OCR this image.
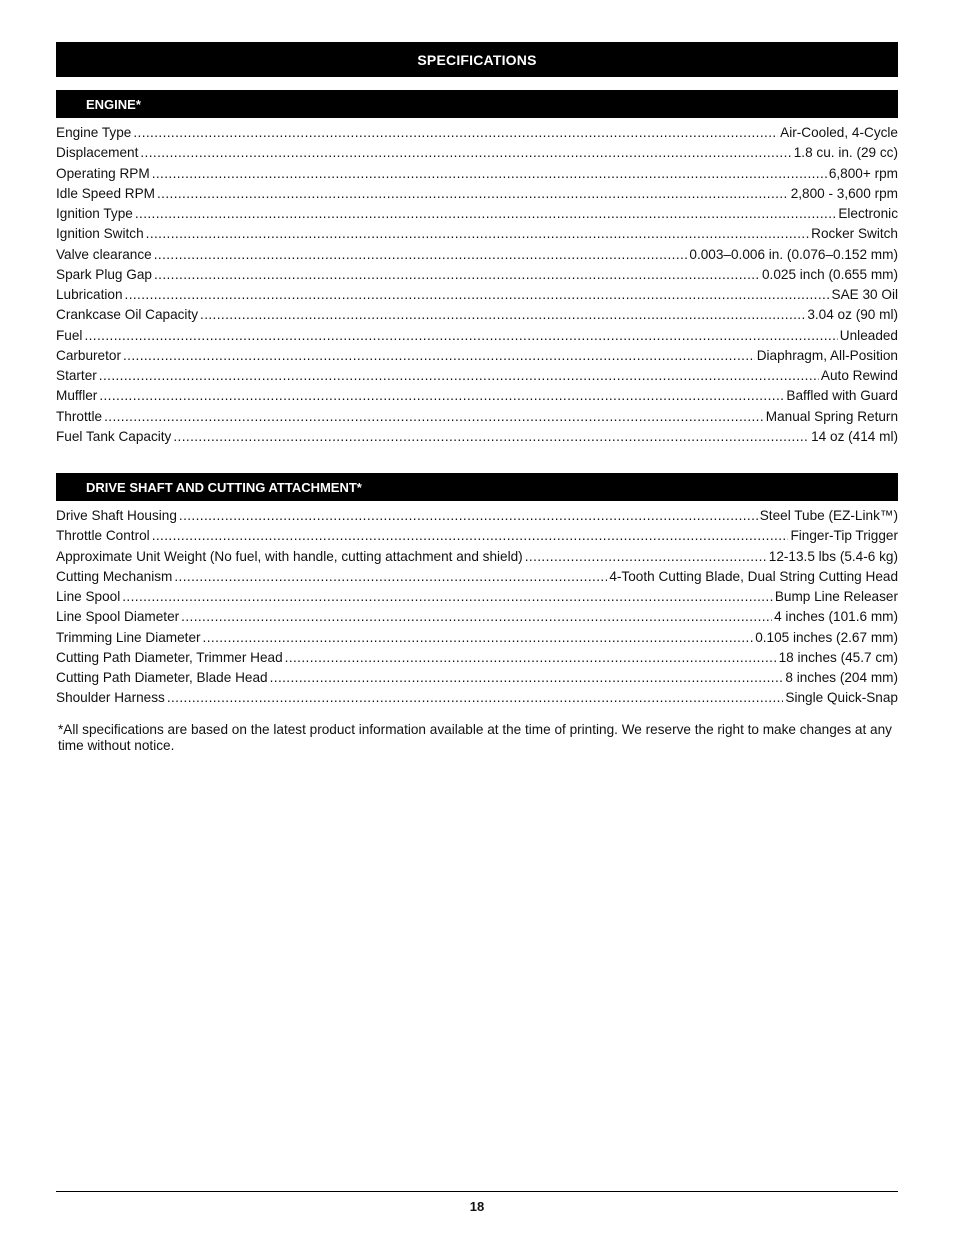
SPECIFICATIONS
ENGINE*
Engine Type .....	Air-Cooled, 4-Cycle
Displacement .....	1.8 cu. in. (29 cc)
Operating RPM .....	6,800+ rpm
Idle Speed RPM .....	2,800 - 3,600 rpm
Ignition Type .....	Electronic
Ignition Switch .....	Rocker Switch
Valve clearance .....	0.003–0.006 in. (0.076–0.152 mm)
Spark Plug Gap .....	0.025 inch (0.655 mm)
Lubrication .....	SAE 30 Oil
Crankcase Oil Capacity .....	3.04 oz (90 ml)
Fuel .....	Unleaded
Carburetor .....	Diaphragm, All-Position
Starter .....	Auto Rewind
Muffler .....	Baffled with Guard
Throttle .....	Manual Spring Return
Fuel Tank Capacity .....	14 oz (414 ml)
DRIVE SHAFT AND CUTTING ATTACHMENT*
Drive Shaft Housing .....	Steel Tube (EZ-Link™)
Throttle Control .....	Finger-Tip Trigger
Approximate Unit Weight (No fuel, with handle, cutting attachment and shield) .....	12-13.5 lbs (5.4-6 kg)
Cutting Mechanism .....	4-Tooth Cutting Blade, Dual String Cutting Head
Line Spool .....	Bump Line Releaser
Line Spool Diameter .....	4 inches (101.6 mm)
Trimming Line Diameter .....	0.105 inches (2.67 mm)
Cutting Path Diameter, Trimmer Head .....	18 inches (45.7 cm)
Cutting Path Diameter, Blade Head .....	8 inches (204 mm)
Shoulder Harness .....	Single Quick-Snap
*All specifications are based on the latest product information available at the time of printing. We reserve the right to make changes at any time without notice.
18
